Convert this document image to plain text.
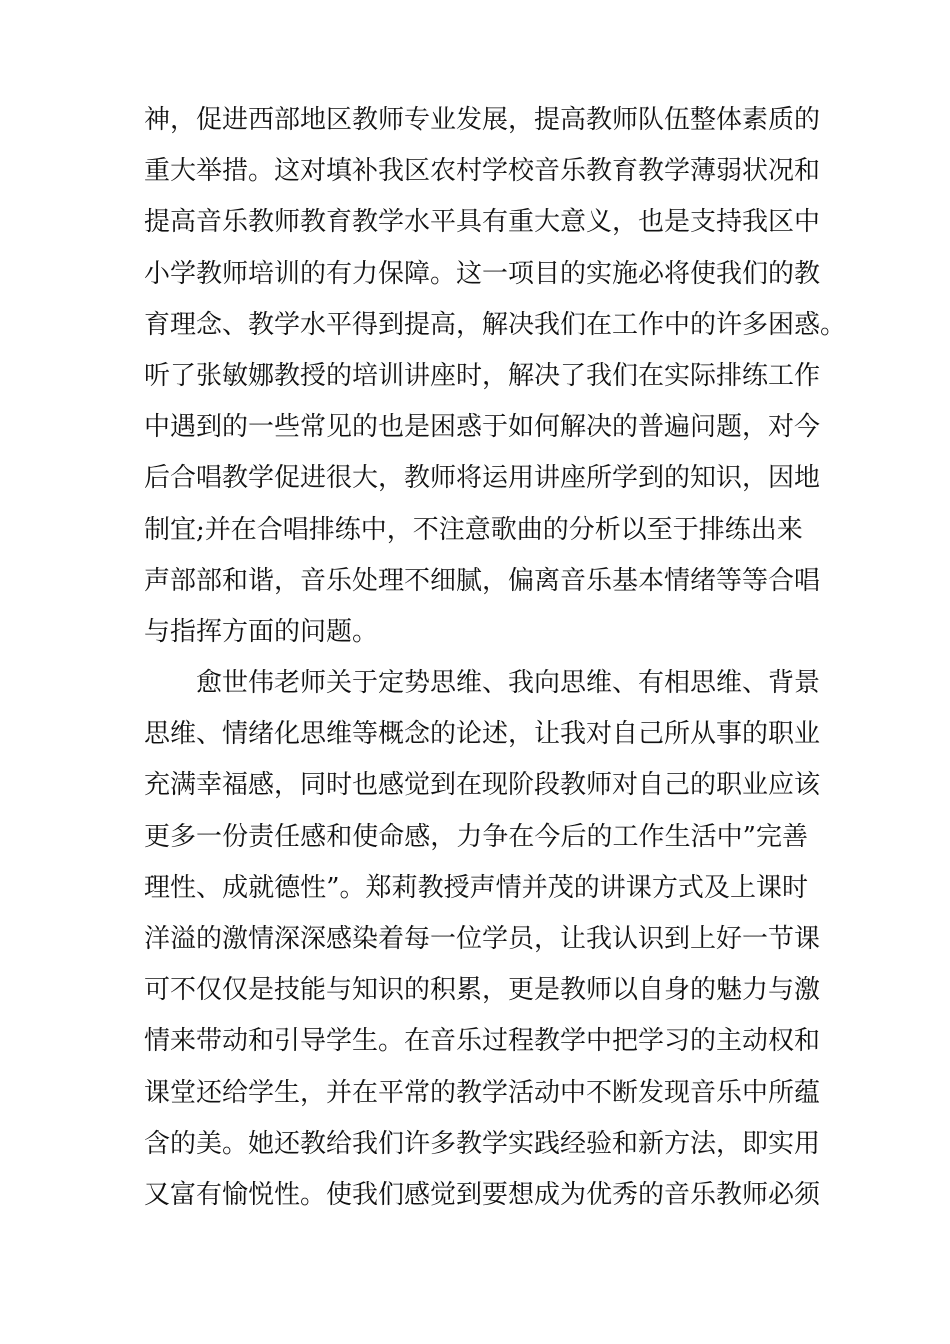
神，促进西部地区教师专业发展，提高教师队伍整体素质的
重大举措。这对填补我区农村学校音乐教育教学薄弱状况和
提高音乐教师教育教学水平具有重大意义，也是支持我区中
小学教师培训的有力保障。这一项目的实施必将使我们的教
育理念、教学水平得到提高，解决我们在工作中的许多困惑。
听了张敏娜教授的培训讲座时，解决了我们在实际排练工作
中遇到的一些常见的也是困惑于如何解决的普遍问题，对今
后合唱教学促进很大，教师将运用讲座所学到的知识，因地
制宜;并在合唱排练中，不注意歌曲的分析以至于排练出来
声部部和谐，音乐处理不细腻，偏离音乐基本情绪等等合唱
与指挥方面的问题。
愈世伟老师关于定势思维、我向思维、有相思维、背景
思维、情绪化思维等概念的论述，让我对自己所从事的职业
充满幸福感，同时也感觉到在现阶段教师对自己的职业应该
更多一份责任感和使命感，力争在今后的工作生活中”完善
理性、成就德性”。郑莉教授声情并茂的讲课方式及上课时
洋溢的激情深深感染着每一位学员，让我认识到上好一节课
可不仅仅是技能与知识的积累，更是教师以自身的魅力与激
情来带动和引导学生。在音乐过程教学中把学习的主动权和
课堂还给学生，并在平常的教学活动中不断发现音乐中所蕴
含的美。她还教给我们许多教学实践经验和新方法，即实用
又富有愉悦性。使我们感觉到要想成为优秀的音乐教师必须
